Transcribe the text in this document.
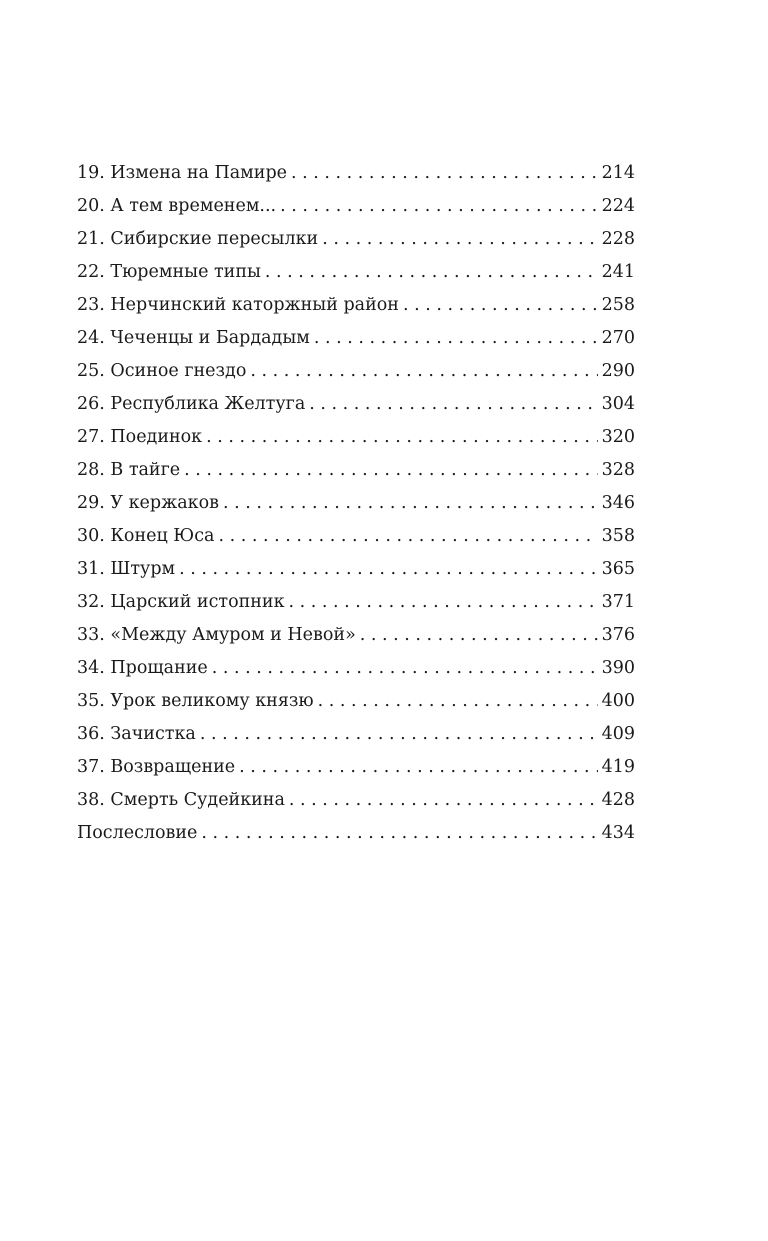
19. Измена на Памире . . .	214
20. А тем временем... . . .	224
21. Сибирские пересылки . . .	228
22. Тюремные типы . . .	241
23. Нерчинский каторжный район . . .	258
24. Чеченцы и Бардадым . . .	270
25. Осиное гнездо . . .	290
26. Республика Желтуга . . .	304
27. Поединок . . .	320
28. В тайге . . .	328
29. У кержаков . . .	346
30. Конец Юса . . .	358
31. Штурм . . .	365
32. Царский истопник . . .	371
33. «Между Амуром и Невой» . . .	376
34. Прощание . . .	390
35. Урок великому князю . . .	400
36. Зачистка . . .	409
37. Возвращение . . .	419
38. Смерть Судейкина . . .	428
Послесловие . . .	434
